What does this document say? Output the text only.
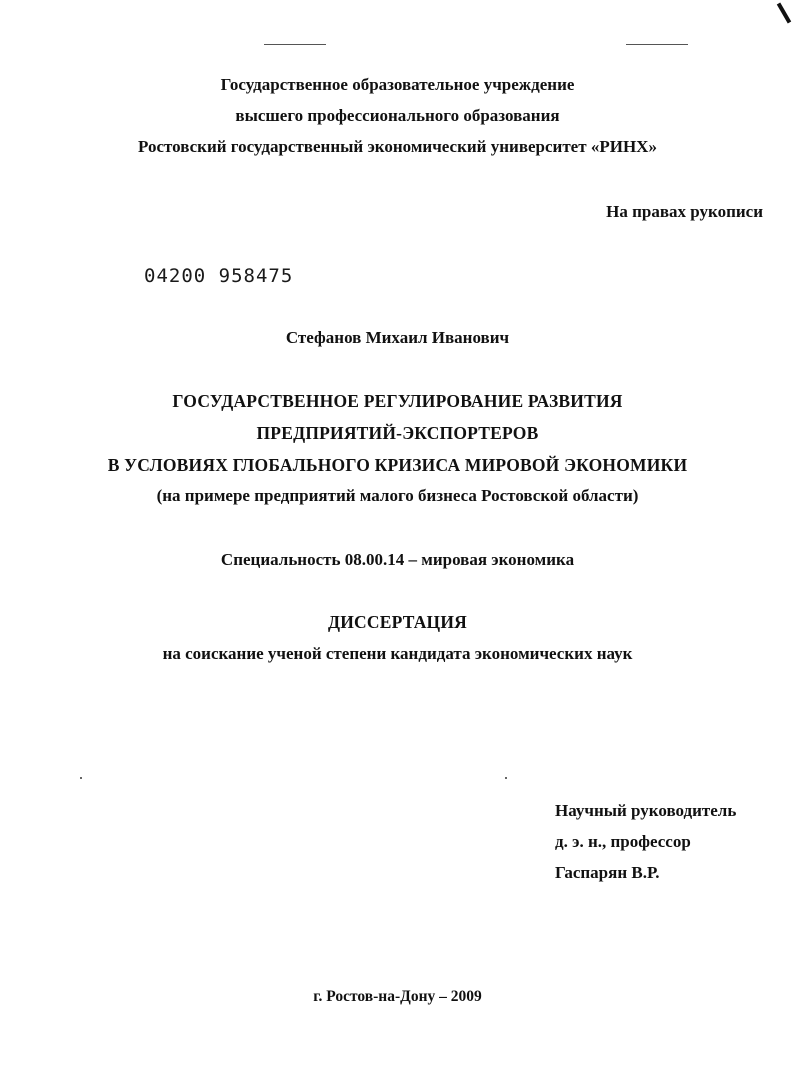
Государственное образовательное учреждение
высшего профессионального образования
Ростовский государственный экономический университет «РИНХ»
На правах рукописи
04200 958475
Стефанов Михаил Иванович
ГОСУДАРСТВЕННОЕ РЕГУЛИРОВАНИЕ РАЗВИТИЯ
ПРЕДПРИЯТИЙ-ЭКСПОРТЕРОВ
В УСЛОВИЯХ ГЛОБАЛЬНОГО КРИЗИСА МИРОВОЙ ЭКОНОМИКИ
(на примере предприятий малого бизнеса Ростовской области)
Специальность 08.00.14 – мировая экономика
ДИССЕРТАЦИЯ
на соискание ученой степени кандидата экономических наук
Научный руководитель
д. э. н., профессор
Гаспарян В.Р.
г. Ростов-на-Дону – 2009
